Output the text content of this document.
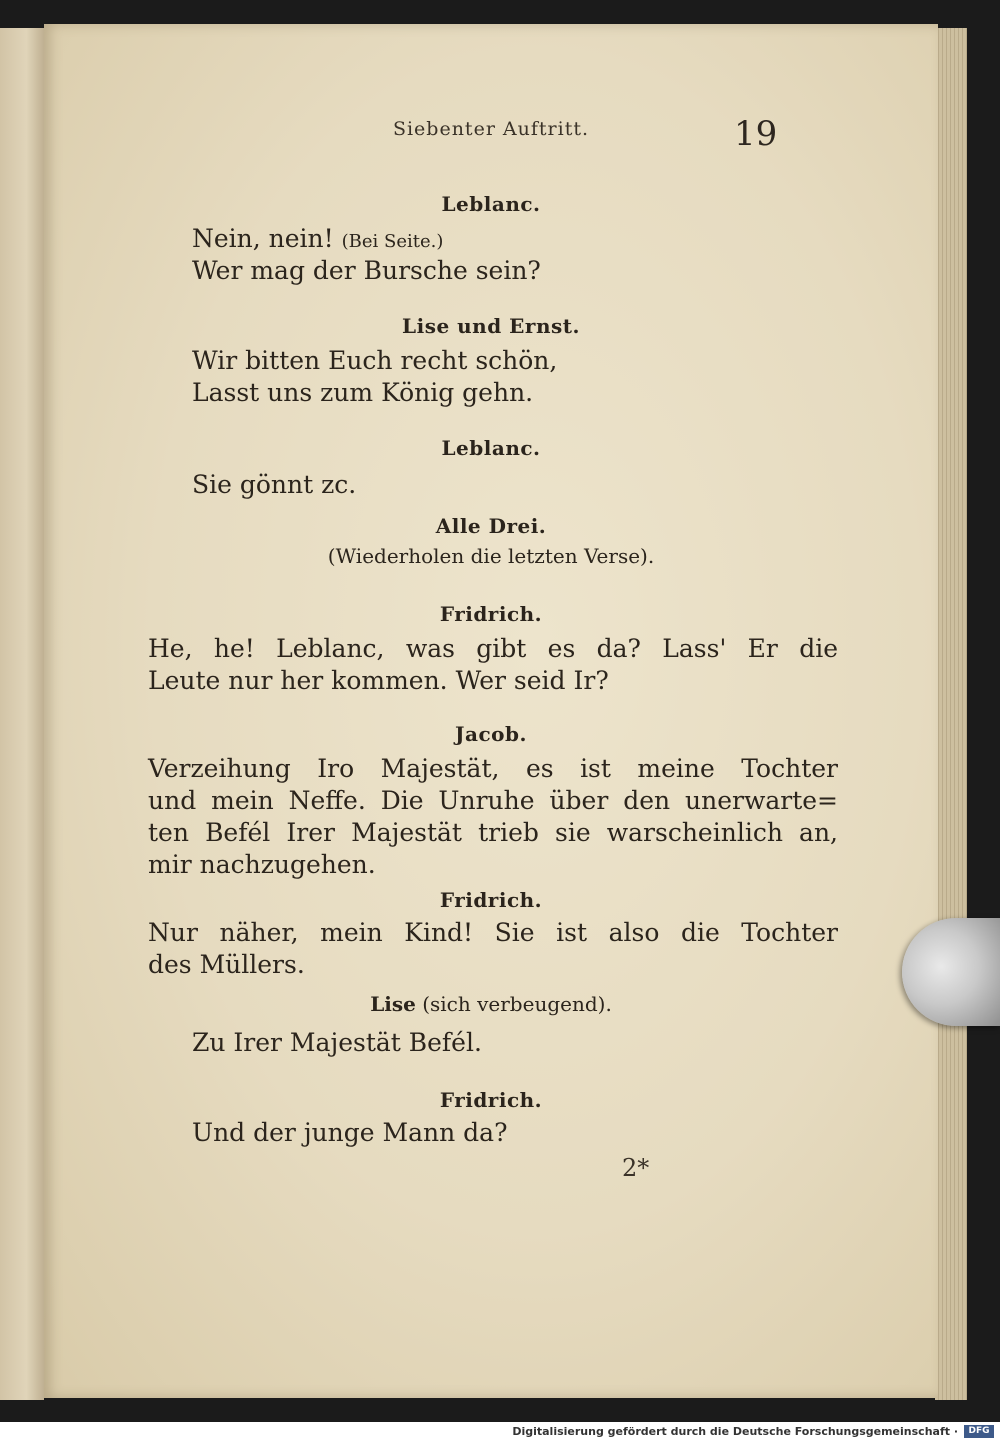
Siebenter Auftritt.	19
Leblanc.
Nein, nein! (Bei Seite.)
Wer mag der Bursche sein?
Lise und Ernst.
Wir bitten Euch recht schön,
Lasst uns zum König gehn.
Leblanc.
Sie gönnt zc.
Alle Drei.
(Wiederholen die letzten Verse).
Fridrich.
He, he! Leblanc, was gibt es da? Lass' Er die
Leute nur her kommen. Wer seid Ir?
Jacob.
Verzeihung Iro Majestät, es ist meine Tochter
und mein Neffe. Die Unruhe über den unerwarte=
ten Befél Irer Majestät trieb sie warscheinlich an,
mir nachzugehen.
Fridrich.
Nur näher, mein Kind! Sie ist also die Tochter
des Müllers.
Lise (sich verbeugend).
Zu Irer Majestät Befél.
Fridrich.
Und der junge Mann da?
2*
Digitalisierung gefördert durch die Deutsche Forschungsgemeinschaft ·	DFG
